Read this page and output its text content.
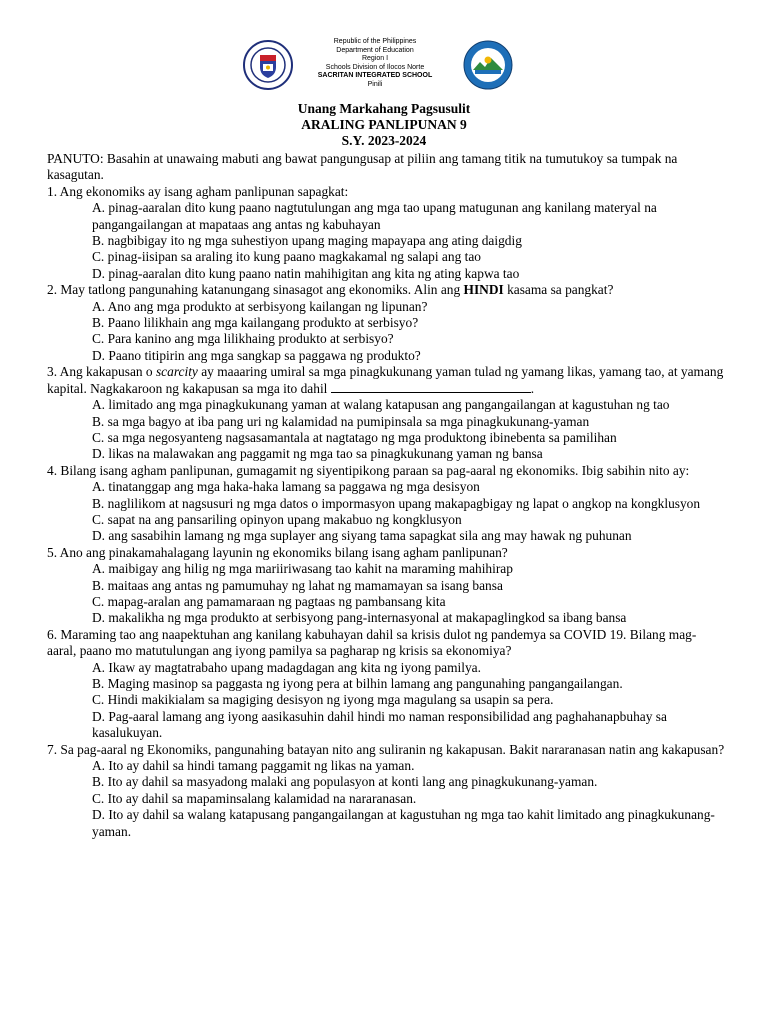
Republic of the Philippines
Department of Education
Region I
Schools Division of Ilocos Norte
SACRITAN INTEGRATED SCHOOL
Pinili
Unang Markahang Pagsusulit
ARALING PANLIPUNAN 9
S.Y. 2023-2024

PANUTO: Basahin at unawaing mabuti ang bawat pangungusap at piliin ang tamang titik na tumutukoy sa tumpak na kasagutan.

1. Ang ekonomiks ay isang agham panlipunan sapagkat:

A. pinag-aaralan dito kung paano nagtutulungan ang mga tao upang matugunan ang kanilang materyal na pangangailangan at mapataas ang antas ng kabuhayan

B. nagbibigay ito ng mga suhestiyon upang maging mapayapa ang ating daigdig

C. pinag-iisipan sa araling ito kung paano magkakamal ng salapi ang tao

D. pinag-aaralan dito kung paano natin mahihigitan ang kita ng ating kapwa tao

2. May tatlong pangunahing katanungang sinasagot ang ekonomiks. Alin ang HINDI kasama sa pangkat?

A. Ano ang mga produkto at serbisyong kailangan ng lipunan?

B. Paano lilikhain ang mga kailangang produkto at serbisyo?

C. Para kanino ang mga lilikhaing produkto at serbisyo?

D. Paano titipirin ang mga sangkap sa paggawa ng produkto?

3. Ang kakapusan o scarcity ay maaaring umiral sa mga pinagkukunang yaman tulad ng yamang likas, yamang tao, at yamang kapital. Nagkakaroon ng kakapusan sa mga ito dahil	.

A. limitado ang mga pinagkukunang yaman at walang katapusan ang pangangailangan at kagustuhan ng tao

B. sa mga bagyo at iba pang uri ng kalamidad na pumipinsala sa mga pinagkukunang-yaman

C. sa mga negosyanteng nagsasamantala at nagtatago ng mga produktong ibinebenta sa pamilihan

D. likas na malawakan ang paggamit ng mga tao sa pinagkukunang yaman ng bansa

4. Bilang isang agham panlipunan, gumagamit ng siyentipikong paraan sa pag-aaral ng ekonomiks. Ibig sabihin nito ay:

A. tinatanggap ang mga haka-haka lamang sa paggawa ng mga desisyon

B. naglilikom at nagsusuri ng mga datos o impormasyon upang makapagbigay ng lapat o angkop na kongklusyon

C. sapat na ang pansariling opinyon upang makabuo ng kongklusyon

D. ang sasabihin lamang ng mga suplayer ang siyang tama sapagkat sila ang may hawak ng puhunan

5. Ano ang pinakamahalagang layunin ng ekonomiks bilang isang agham panlipunan?

A. maibigay ang hilig ng mga mariiriwasang tao kahit na maraming mahihirap

B. maitaas ang antas ng pamumuhay ng lahat ng mamamayan sa isang bansa

C. mapag-aralan ang pamamaraan ng pagtaas ng pambansang kita

D. makalikha ng mga produkto at serbisyong pang-internasyonal at makapaglingkod sa ibang bansa

6. Maraming tao ang naapektuhan ang kanilang kabuhayan dahil sa krisis dulot ng pandemya sa COVID 19. Bilang mag-aaral, paano mo matutulungan ang iyong pamilya sa pagharap ng krisis sa ekonomiya?

A. Ikaw ay magtatrabaho upang madagdagan ang kita ng iyong pamilya.

B. Maging masinop sa paggasta ng iyong pera at bilhin lamang ang pangunahing pangangailangan.

C. Hindi makikialam sa magiging desisyon ng iyong mga magulang sa usapin sa pera.

D. Pag-aaral lamang ang iyong aasikasuhin dahil hindi mo naman responsibilidad ang paghahanapbuhay sa kasalukuyan.

7. Sa pag-aaral ng Ekonomiks, pangunahing batayan nito ang suliranin ng kakapusan. Bakit nararanasan natin ang kakapusan?

A. Ito ay dahil sa hindi tamang paggamit ng likas na yaman.

B. Ito ay dahil sa masyadong malaki ang populasyon at konti lang ang pinagkukunang-yaman.

C. Ito ay dahil sa mapaminsalang kalamidad na nararanasan.

D. Ito ay dahil sa walang katapusang pangangailangan at kagustuhan ng mga tao kahit limitado ang pinagkukunang-yaman.
